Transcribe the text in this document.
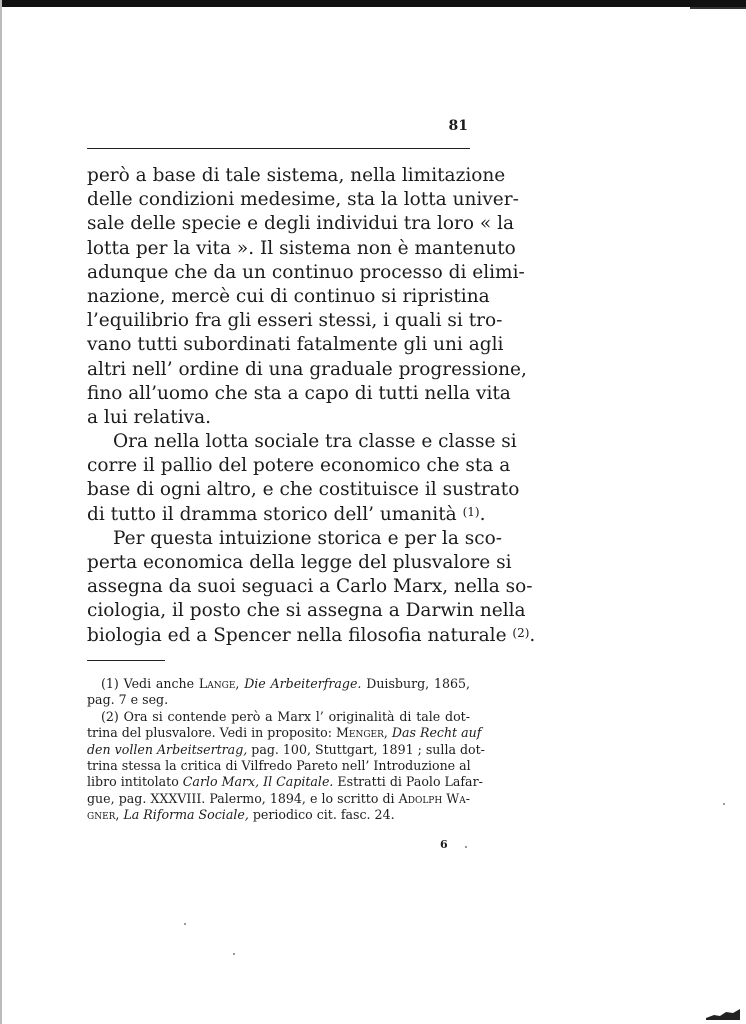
81
però a base di tale sistema, nella limitazione
delle condizioni medesime, sta la lotta univer-
sale delle specie e degli individui tra loro « la
lotta per la vita ». Il sistema non è mantenuto
adunque che da un continuo processo di elimi-
nazione, mercè cui di continuo si ripristina
l’equilibrio fra gli esseri stessi, i quali si tro-
vano tutti subordinati fatalmente gli uni agli
altri nell’ ordine di una graduale progressione,
fino all’uomo che sta a capo di tutti nella vita
a lui relativa.
Ora nella lotta sociale tra classe e classe si
corre il pallio del potere economico che sta a
base di ogni altro, e che costituisce il sustrato
di tutto il dramma storico dell’ umanità $^{(1)}$.
Per questa intuizione storica e per la sco-
perta economica della legge del plusvalore si
assegna da suoi seguaci a Carlo Marx, nella so-
ciologia, il posto che si assegna a Darwin nella
biologia ed a Spencer nella filosofia naturale $^{(2)}$.
(1) Vedi anche Lange, Die Arbeiterfrage. Duisburg, 1865,
pag. 7 e seg.
(2) Ora si contende però a Marx l’ originalità di tale dot-
trina del plusvalore. Vedi in proposito: Menger, Das Recht auf
den vollen Arbeitsertrag, pag. 100, Stuttgart, 1891 ; sulla dot-
trina stessa la critica di Vilfredo Pareto nell’ Introduzione al
libro intitolato Carlo Marx, Il Capitale. Estratti di Paolo Lafar-
gue, pag. XXXVIII. Palermo, 1894, e lo scritto di Adolph Wa-
gner, La Riforma Sociale, periodico cit. fasc. 24.
6
